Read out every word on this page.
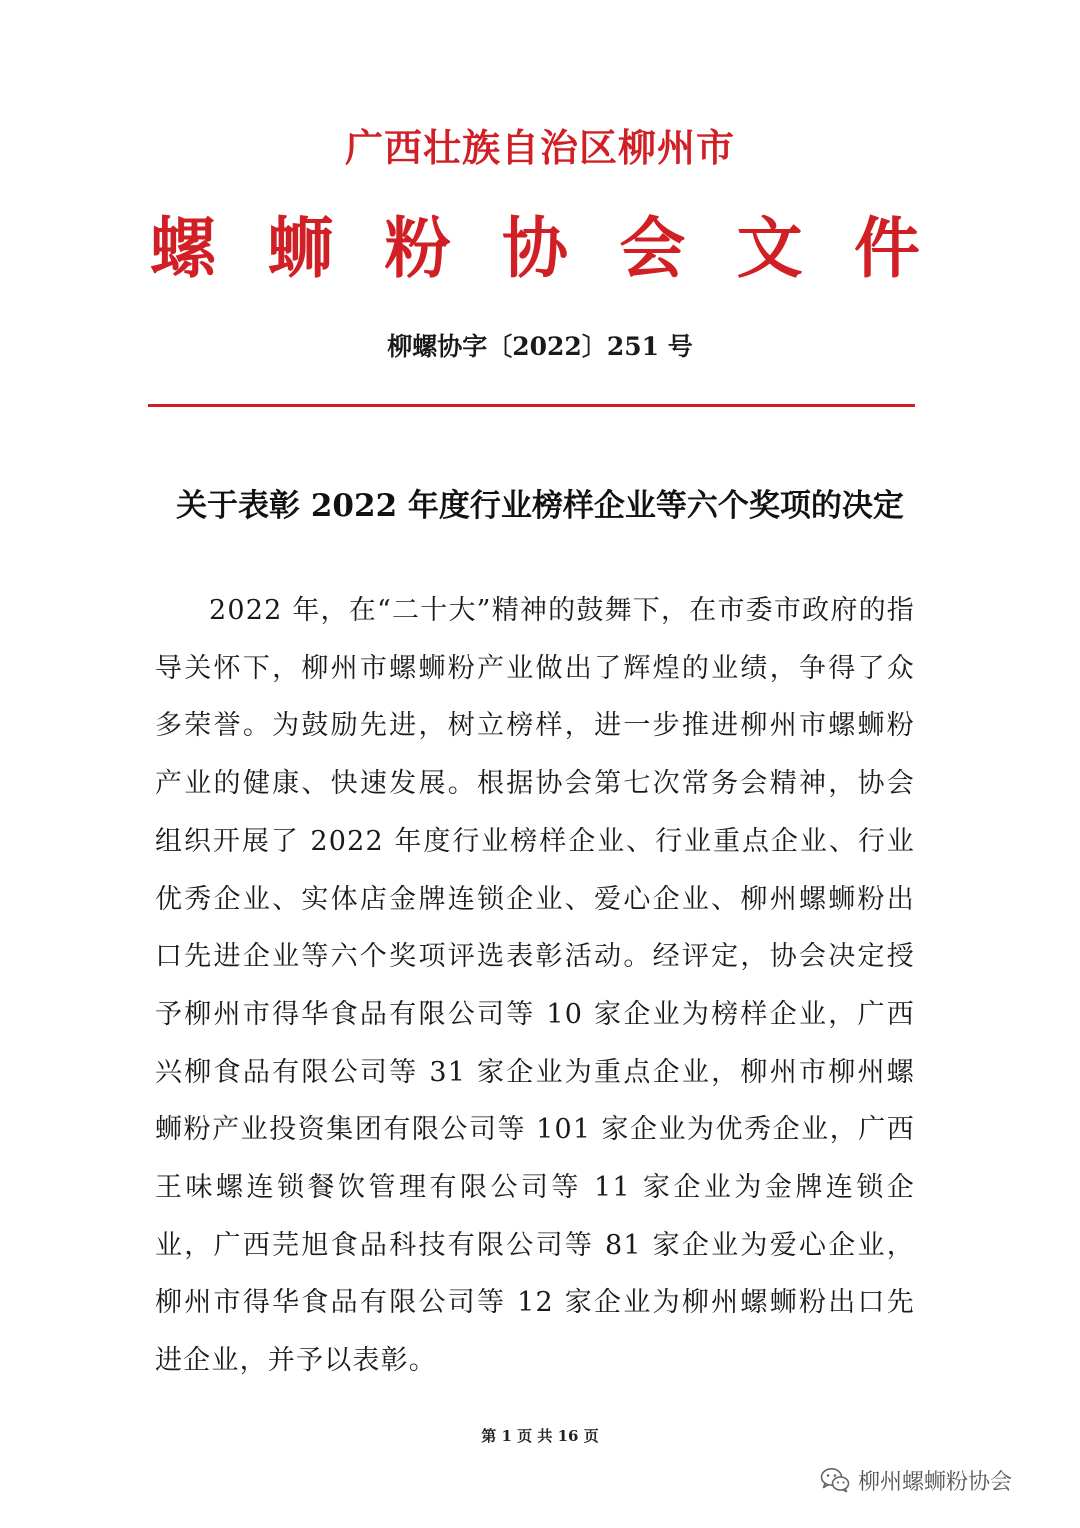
广西壮族自治区柳州市
螺 蛳 粉 协 会 文 件
柳螺协字〔2022〕251 号
关于表彰 2022 年度行业榜样企业等六个奖项的决定

2022 年，在“二十大”精神的鼓舞下，在市委市政府的指导关怀下，柳州市螺蛳粉产业做出了辉煌的业绩，争得了众多荣誉。为鼓励先进，树立榜样，进一步推进柳州市螺蛳粉产业的健康、快速发展。根据协会第七次常务会精神，协会组织开展了 2022 年度行业榜样企业、行业重点企业、行业优秀企业、实体店金牌连锁企业、爱心企业、柳州螺蛳粉出口先进企业等六个奖项评选表彰活动。经评定，协会决定授予柳州市得华食品有限公司等 10 家企业为榜样企业，广西兴柳食品有限公司等 31 家企业为重点企业，柳州市柳州螺蛳粉产业投资集团有限公司等 101 家企业为优秀企业，广西王味螺连锁餐饮管理有限公司等 11 家企业为金牌连锁企业，广西芫旭食品科技有限公司等 81 家企业为爱心企业，柳州市得华食品有限公司等 12 家企业为柳州螺蛳粉出口先进企业，并予以表彰。

第 1 页 共 16 页
柳州螺蛳粉协会
